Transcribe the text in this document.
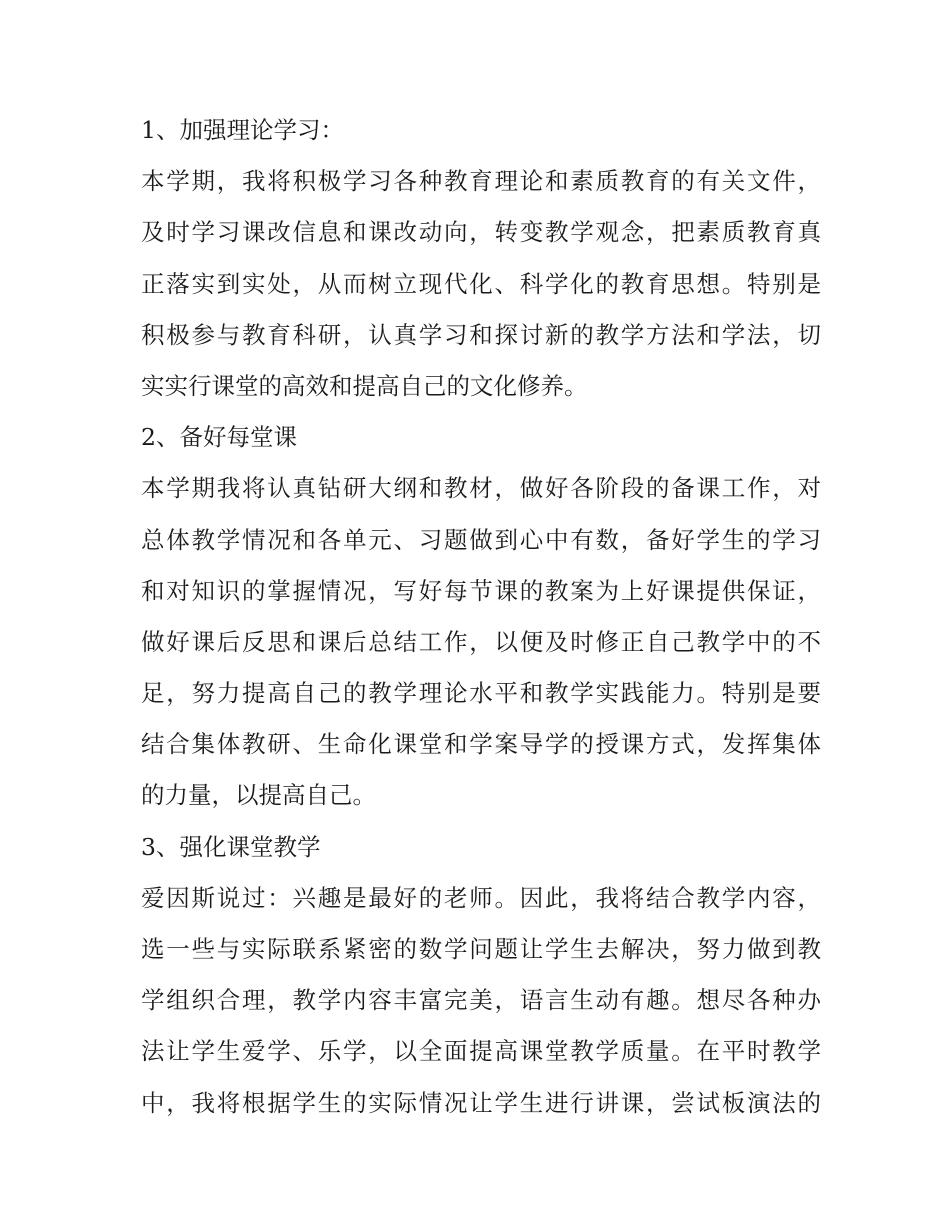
1、加强理论学习：
本学期，我将积极学习各种教育理论和素质教育的有关文件，
及时学习课改信息和课改动向，转变教学观念，把素质教育真
正落实到实处，从而树立现代化、科学化的教育思想。特别是
积极参与教育科研，认真学习和探讨新的教学方法和学法，切
实实行课堂的高效和提高自己的文化修养。
2、备好每堂课
本学期我将认真钻研大纲和教材，做好各阶段的备课工作，对
总体教学情况和各单元、习题做到心中有数，备好学生的学习
和对知识的掌握情况，写好每节课的教案为上好课提供保证，
做好课后反思和课后总结工作，以便及时修正自己教学中的不
足，努力提高自己的教学理论水平和教学实践能力。特别是要
结合集体教研、生命化课堂和学案导学的授课方式，发挥集体
的力量，以提高自己。
3、强化课堂教学
爱因斯说过：兴趣是最好的老师。因此，我将结合教学内容，
选一些与实际联系紧密的数学问题让学生去解决，努力做到教
学组织合理，教学内容丰富完美，语言生动有趣。想尽各种办
法让学生爱学、乐学，以全面提高课堂教学质量。在平时教学
中，我将根据学生的实际情况让学生进行讲课，尝试板演法的
